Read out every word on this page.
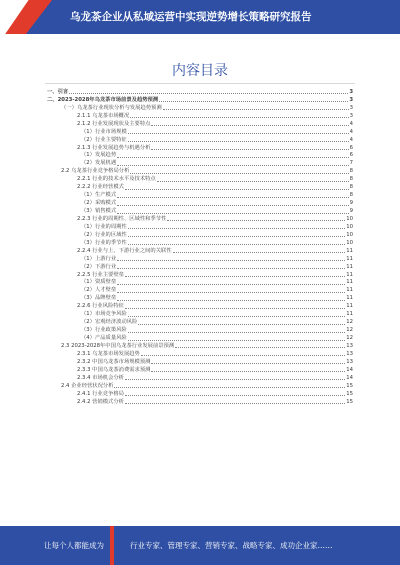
乌龙茶企业从私域运营中实现逆势增长策略研究报告
内容目录
一、引言	3
二、2023-2028年乌龙茶市场前景及趋势预测	3
（一）乌龙茶行业现状分析与发展趋势预测	3
2.1.1 乌龙茶市场概况	3
2.1.2 行业发展现状及主要特点	4
（1）行业市场规模	4
（2）行业主要特征	4
2.1.3 行业发展趋势与机遇分析	6
（1）发展趋势	6
（2）发展机遇	7
2.2 乌龙茶行业竞争格局分析	8
2.2.1 行业的技术水平及技术特点	8
2.2.2 行业经营模式	8
（1）生产模式	8
（2）采购模式	9
（3）销售模式	9
2.2.3 行业的周期性、区域性和季节性	10
（1）行业的周期性	10
（2）行业的区域性	10
（3）行业的季节性	10
2.2.4 行业与上、下游行业之间的关联性	11
（1）上游行业	11
（2）下游行业	11
2.2.5 行业主要壁垒	11
（1）资质壁垒	11
（2）人才壁垒	11
（3）品牌壁垒	11
2.2.6 行业风险特征	11
（1）市场竞争风险	11
（2）宏观经济波动风险	12
（3）行业政策风险	12
（4）产品质量风险	12
2.3 2023-2028年中国乌龙茶行业发展前景预测	13
2.3.1 乌龙茶市场发展趋势	13
2.3.2 中国乌龙茶市场规模预测	13
2.3.3 中国乌龙茶消费需求预测	14
2.3.4 市场机会分析	14
2.4 企业经营状况分析	15
2.4.1 行业竞争格局	15
2.4.2 营销模式分析	15
让每个人都能成为	行业专家、管理专家、营销专家、战略专家、成功企业家……
